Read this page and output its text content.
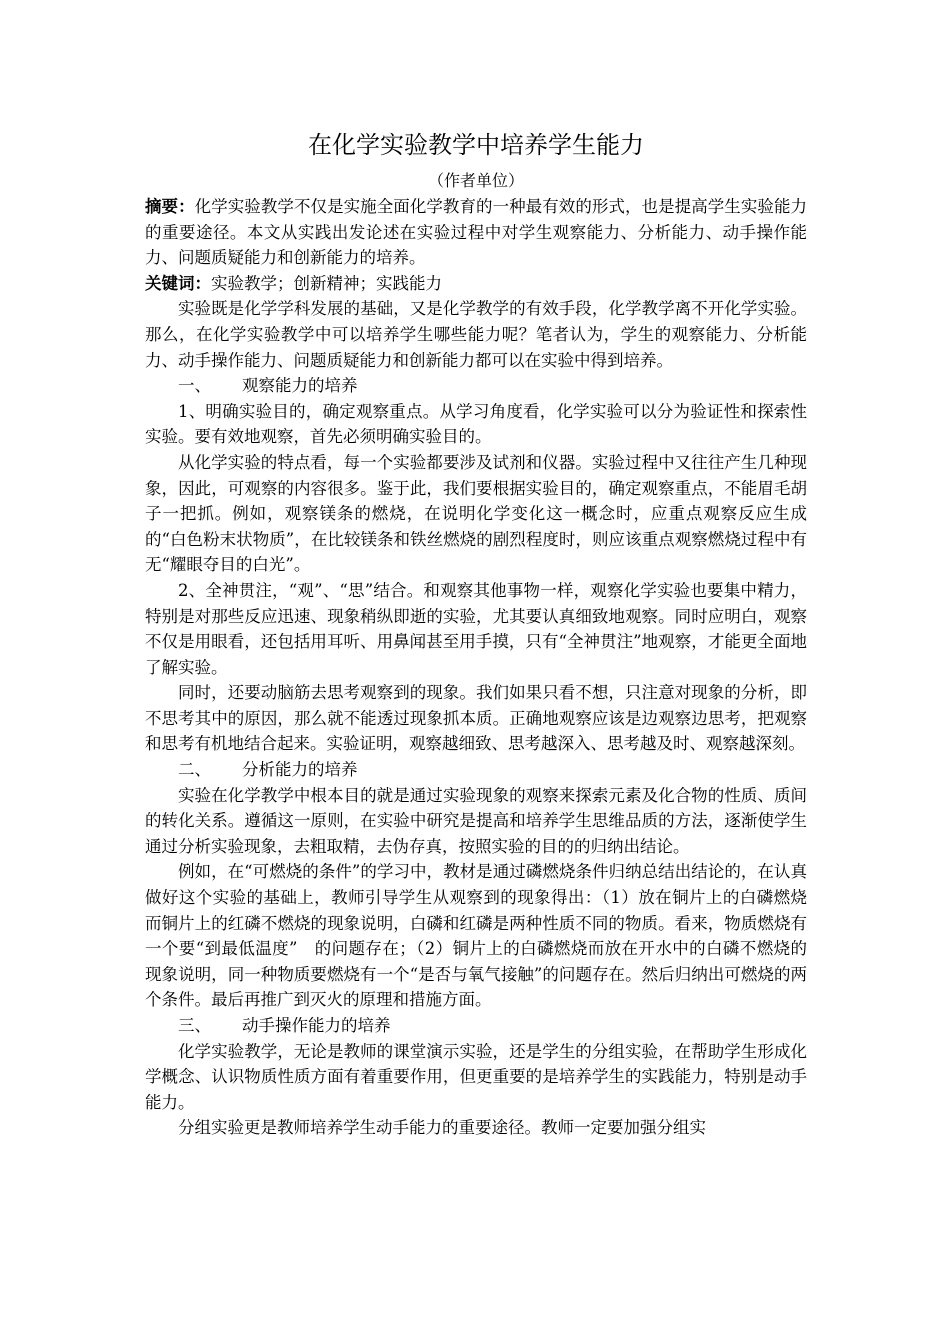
在化学实验教学中培养学生能力
（作者单位）

摘要：化学实验教学不仅是实施全面化学教育的一种最有效的形式，也是提高学生实验能力的重要途径。本文从实践出发论述在实验过程中对学生观察能力、分析能力、动手操作能力、问题质疑能力和创新能力的培养。

关键词：实验教学；创新精神；实践能力

实验既是化学学科发展的基础，又是化学教学的有效手段，化学教学离不开化学实验。那么，在化学实验教学中可以培养学生哪些能力呢？笔者认为，学生的观察能力、分析能力、动手操作能力、问题质疑能力和创新能力都可以在实验中得到培养。

一、 观察能力的培养

1、明确实验目的，确定观察重点。从学习角度看，化学实验可以分为验证性和探索性实验。要有效地观察，首先必须明确实验目的。

从化学实验的特点看，每一个实验都要涉及试剂和仪器。实验过程中又往往产生几种现象，因此，可观察的内容很多。鉴于此，我们要根据实验目的，确定观察重点，不能眉毛胡子一把抓。例如，观察镁条的燃烧，在说明化学变化这一概念时，应重点观察反应生成的“白色粉末状物质”，在比较镁条和铁丝燃烧的剧烈程度时，则应该重点观察燃烧过程中有无“耀眼夺目的白光”。

2、全神贯注，“观”、“思”结合。和观察其他事物一样，观察化学实验也要集中精力，特别是对那些反应迅速、现象稍纵即逝的实验，尤其要认真细致地观察。同时应明白，观察不仅是用眼看，还包括用耳听、用鼻闻甚至用手摸，只有“全神贯注”地观察，才能更全面地了解实验。

同时，还要动脑筋去思考观察到的现象。我们如果只看不想，只注意对现象的分析，即不思考其中的原因，那么就不能透过现象抓本质。正确地观察应该是边观察边思考，把观察和思考有机地结合起来。实验证明，观察越细致、思考越深入、思考越及时、观察越深刻。

二、 分析能力的培养

实验在化学教学中根本目的就是通过实验现象的观察来探索元素及化合物的性质、质间的转化关系。遵循这一原则，在实验中研究是提高和培养学生思维品质的方法，逐渐使学生通过分析实验现象，去粗取精，去伪存真，按照实验的目的的归纳出结论。

例如，在“可燃烧的条件”的学习中，教材是通过磷燃烧条件归纳总结出结论的，在认真做好这个实验的基础上，教师引导学生从观察到的现象得出：（1）放在铜片上的白磷燃烧而铜片上的红磷不燃烧的现象说明，白磷和红磷是两种性质不同的物质。看来，物质燃烧有一个要“到最低温度”　的问题存在；（2）铜片上的白磷燃烧而放在开水中的白磷不燃烧的现象说明，同一种物质要燃烧有一个“是否与氧气接触”的问题存在。然后归纳出可燃烧的两个条件。最后再推广到灭火的原理和措施方面。

三、 动手操作能力的培养

化学实验教学，无论是教师的课堂演示实验，还是学生的分组实验，在帮助学生形成化学概念、认识物质性质方面有着重要作用，但更重要的是培养学生的实践能力，特别是动手能力。

分组实验更是教师培养学生动手能力的重要途径。教师一定要加强分组实
